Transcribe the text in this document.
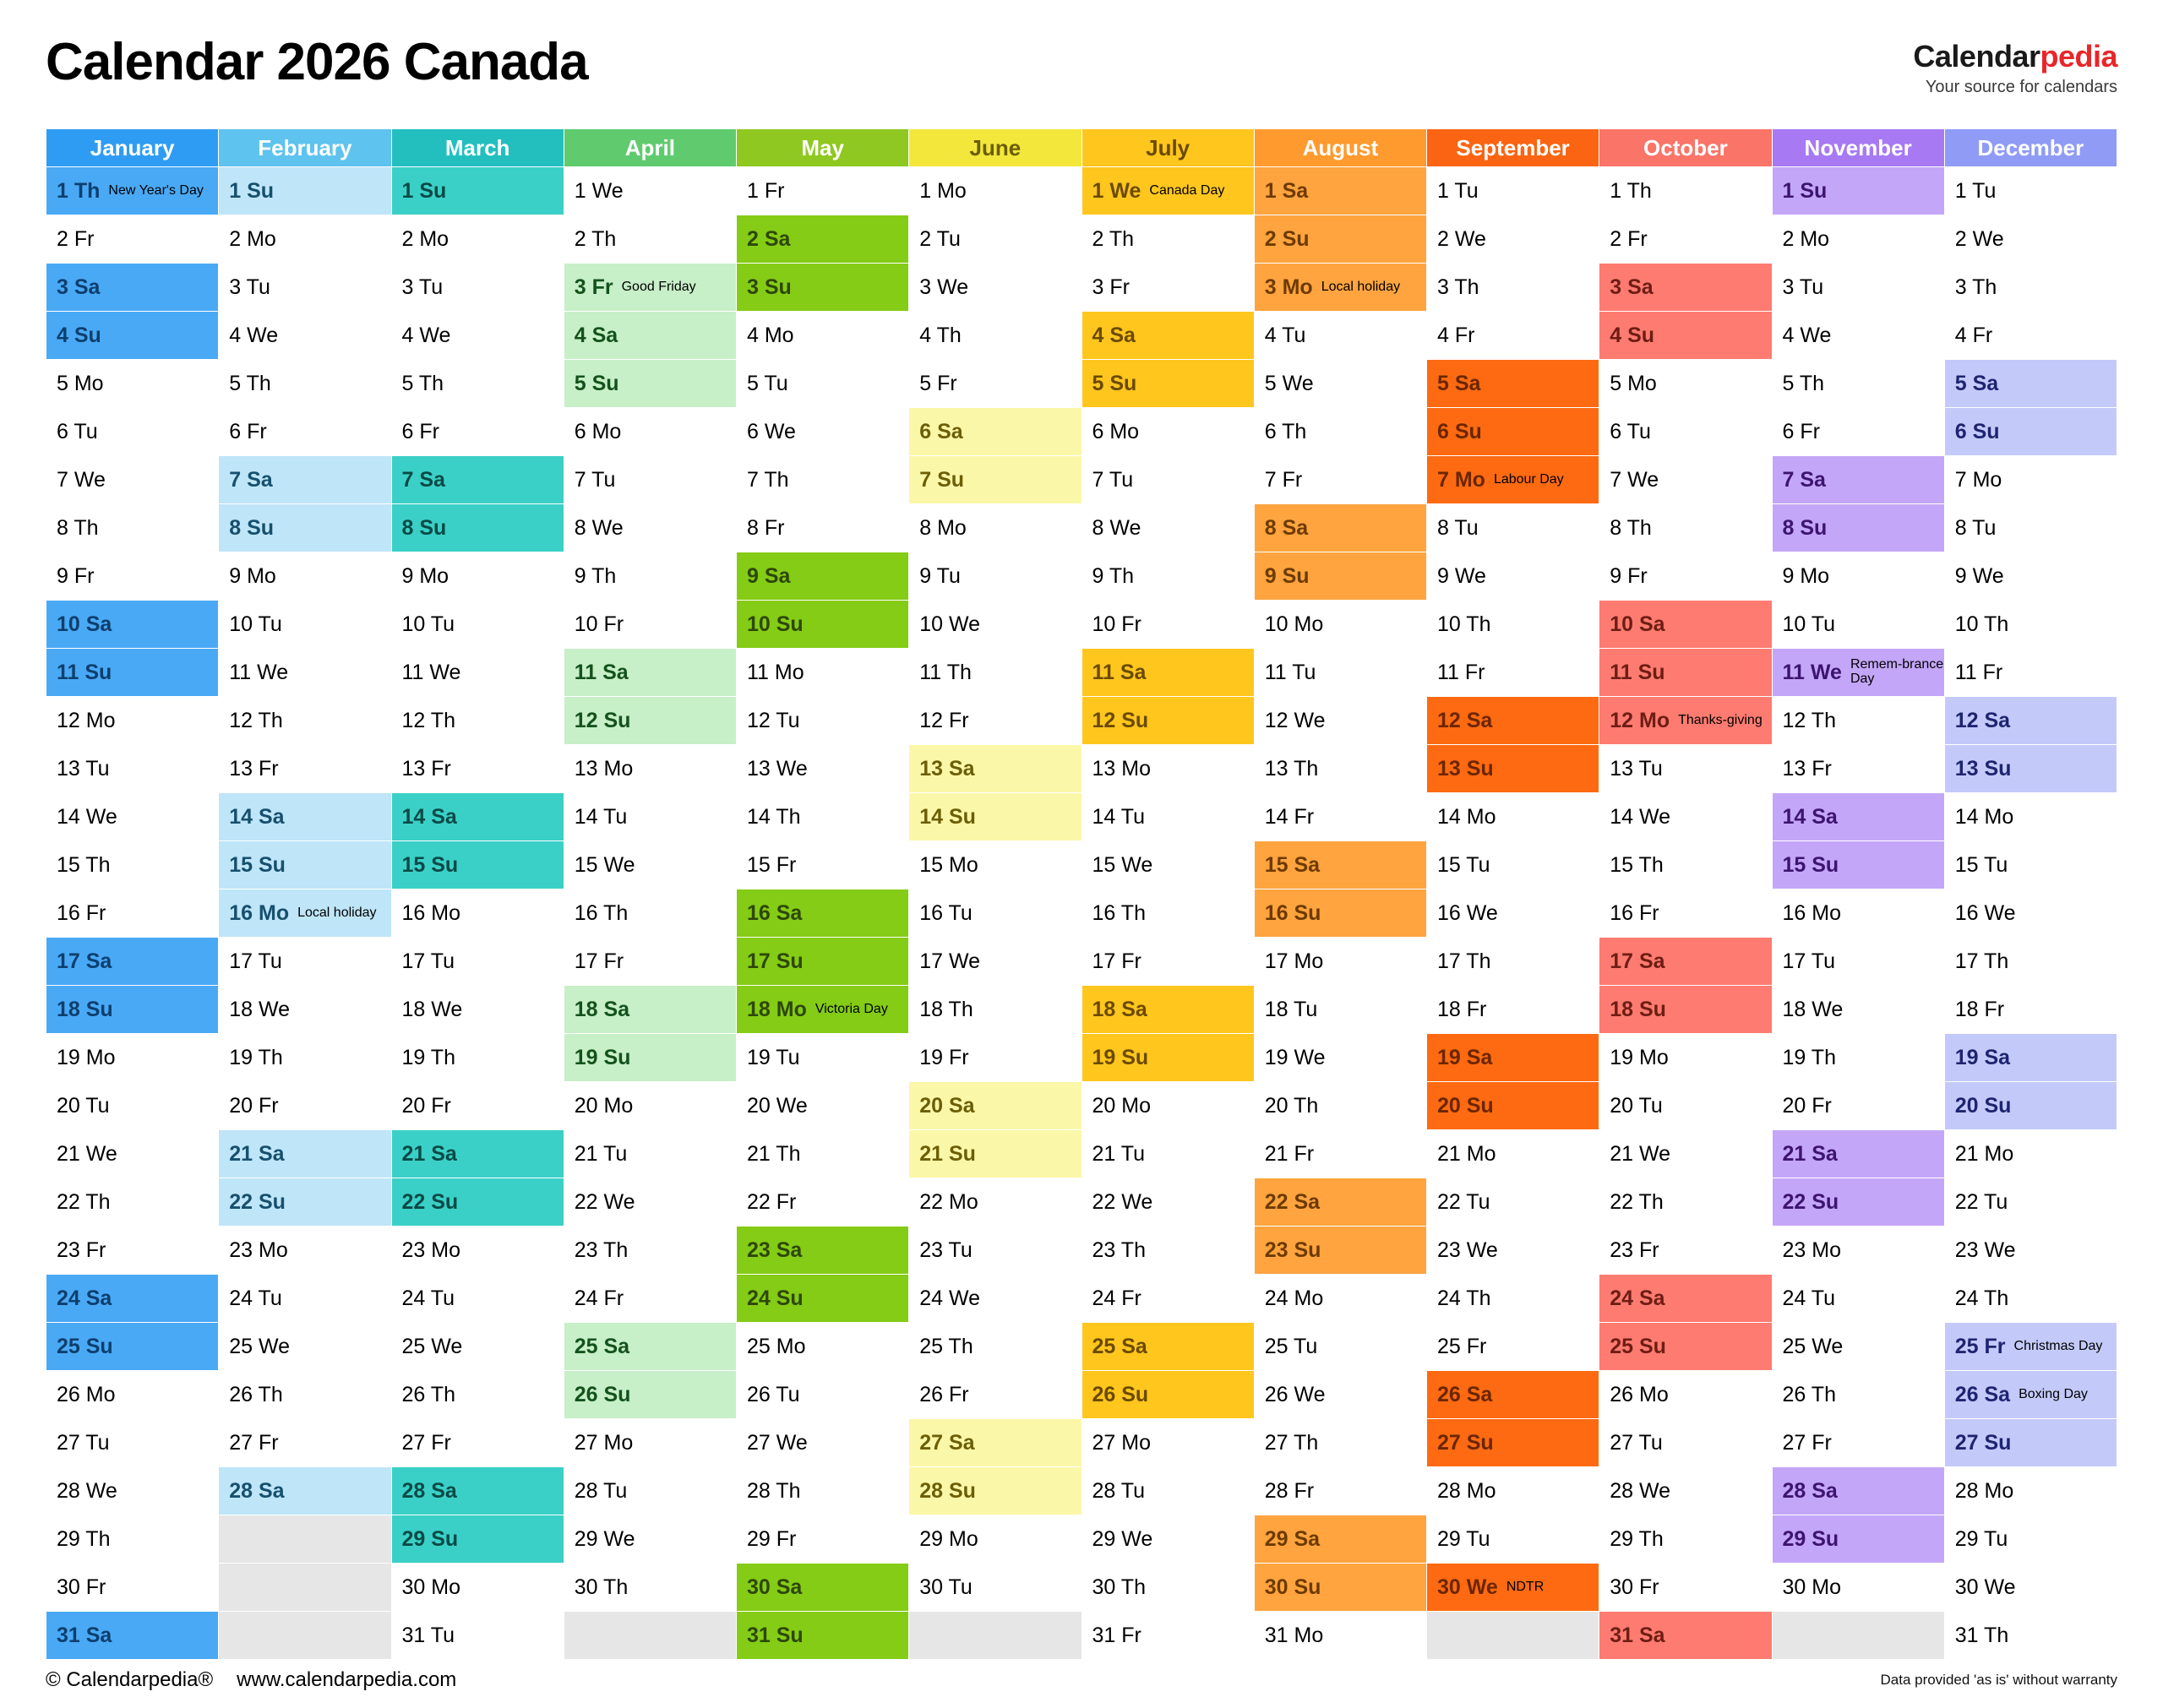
Calendar 2026 Canada	Calendarpedia
Your source for calendars
January	February	March	April	May	June	July	August	September	October	November	December

1 Th New Year's Day	1 Su	1 Su	1 We	1 Fr	1 Mo	1 We Canada Day	1 Sa	1 Tu	1 Th	1 Su	1 Tu

2 Fr	2 Mo	2 Mo	2 Th	2 Sa	2 Tu	2 Th	2 Su	2 We	2 Fr	2 Mo	2 We

3 Sa	3 Tu	3 Tu	3 Fr Good Friday	3 Su	3 We	3 Fr	3 Mo Local holiday	3 Th	3 Sa	3 Tu	3 Th

4 Su	4 We	4 We	4 Sa	4 Mo	4 Th	4 Sa	4 Tu	4 Fr	4 Su	4 We	4 Fr

5 Mo	5 Th	5 Th	5 Su	5 Tu	5 Fr	5 Su	5 We	5 Sa	5 Mo	5 Th	5 Sa

6 Tu	6 Fr	6 Fr	6 Mo	6 We	6 Sa	6 Mo	6 Th	6 Su	6 Tu	6 Fr	6 Su

7 We	7 Sa	7 Sa	7 Tu	7 Th	7 Su	7 Tu	7 Fr	7 Mo Labour Day	7 We	7 Sa	7 Mo

8 Th	8 Su	8 Su	8 We	8 Fr	8 Mo	8 We	8 Sa	8 Tu	8 Th	8 Su	8 Tu

9 Fr	9 Mo	9 Mo	9 Th	9 Sa	9 Tu	9 Th	9 Su	9 We	9 Fr	9 Mo	9 We

10 Sa	10 Tu	10 Tu	10 Fr	10 Su	10 We	10 Fr	10 Mo	10 Th	10 Sa	10 Tu	10 Th

11 Su	11 We	11 We	11 Sa	11 Mo	11 Th	11 Sa	11 Tu	11 Fr	11 Su	11 We Remem-​brance Day	11 Fr

12 Mo	12 Th	12 Th	12 Su	12 Tu	12 Fr	12 Su	12 We	12 Sa	12 Mo Thanks-​giving	12 Th	12 Sa

13 Tu	13 Fr	13 Fr	13 Mo	13 We	13 Sa	13 Mo	13 Th	13 Su	13 Tu	13 Fr	13 Su

14 We	14 Sa	14 Sa	14 Tu	14 Th	14 Su	14 Tu	14 Fr	14 Mo	14 We	14 Sa	14 Mo

15 Th	15 Su	15 Su	15 We	15 Fr	15 Mo	15 We	15 Sa	15 Tu	15 Th	15 Su	15 Tu

16 Fr	16 Mo Local holiday	16 Mo	16 Th	16 Sa	16 Tu	16 Th	16 Su	16 We	16 Fr	16 Mo	16 We

17 Sa	17 Tu	17 Tu	17 Fr	17 Su	17 We	17 Fr	17 Mo	17 Th	17 Sa	17 Tu	17 Th

18 Su	18 We	18 We	18 Sa	18 Mo Victoria Day	18 Th	18 Sa	18 Tu	18 Fr	18 Su	18 We	18 Fr

19 Mo	19 Th	19 Th	19 Su	19 Tu	19 Fr	19 Su	19 We	19 Sa	19 Mo	19 Th	19 Sa

20 Tu	20 Fr	20 Fr	20 Mo	20 We	20 Sa	20 Mo	20 Th	20 Su	20 Tu	20 Fr	20 Su

21 We	21 Sa	21 Sa	21 Tu	21 Th	21 Su	21 Tu	21 Fr	21 Mo	21 We	21 Sa	21 Mo

22 Th	22 Su	22 Su	22 We	22 Fr	22 Mo	22 We	22 Sa	22 Tu	22 Th	22 Su	22 Tu

23 Fr	23 Mo	23 Mo	23 Th	23 Sa	23 Tu	23 Th	23 Su	23 We	23 Fr	23 Mo	23 We

24 Sa	24 Tu	24 Tu	24 Fr	24 Su	24 We	24 Fr	24 Mo	24 Th	24 Sa	24 Tu	24 Th

25 Su	25 We	25 We	25 Sa	25 Mo	25 Th	25 Sa	25 Tu	25 Fr	25 Su	25 We	25 Fr Christmas Day

26 Mo	26 Th	26 Th	26 Su	26 Tu	26 Fr	26 Su	26 We	26 Sa	26 Mo	26 Th	26 Sa Boxing Day

27 Tu	27 Fr	27 Fr	27 Mo	27 We	27 Sa	27 Mo	27 Th	27 Su	27 Tu	27 Fr	27 Su

28 We	28 Sa	28 Sa	28 Tu	28 Th	28 Su	28 Tu	28 Fr	28 Mo	28 We	28 Sa	28 Mo

29 Th		29 Su	29 We	29 Fr	29 Mo	29 We	29 Sa	29 Tu	29 Th	29 Su	29 Tu

30 Fr		30 Mo	30 Th	30 Sa	30 Tu	30 Th	30 Su	30 We NDTR	30 Fr	30 Mo	30 We

31 Sa		31 Tu		31 Su		31 Fr	31 Mo		31 Sa		31 Th
© Calendarpedia® www.calendarpedia.com	Data provided 'as is' without warranty
